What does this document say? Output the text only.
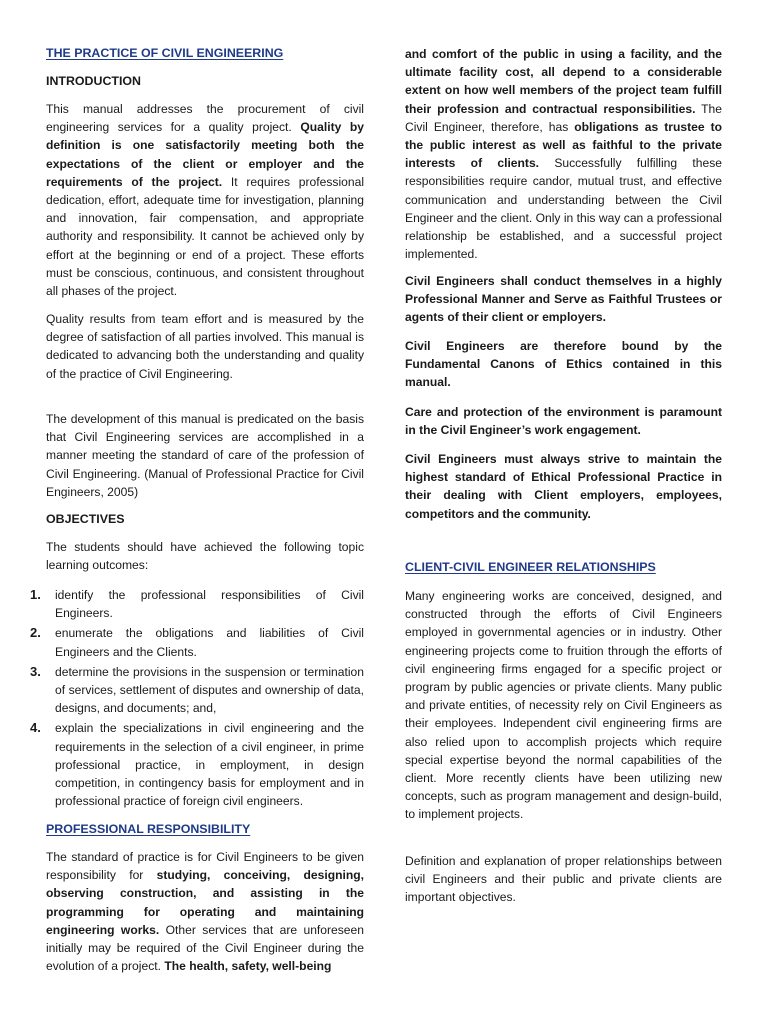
THE PRACTICE OF CIVIL ENGINEERING
INTRODUCTION

This manual addresses the procurement of civil engineering services for a quality project. Quality by definition is one satisfactorily meeting both the expectations of the client or employer and the requirements of the project. It requires professional dedication, effort, adequate time for investigation, planning and innovation, fair compensation, and appropriate authority and responsibility. It cannot be achieved only by effort at the beginning or end of a project. These efforts must be conscious, continuous, and consistent throughout all phases of the project.

Quality results from team effort and is measured by the degree of satisfaction of all parties involved. This manual is dedicated to advancing both the understanding and quality of the practice of Civil Engineering.

The development of this manual is predicated on the basis that Civil Engineering services are accomplished in a manner meeting the standard of care of the profession of Civil Engineering. (Manual of Professional Practice for Civil Engineers, 2005)

OBJECTIVES

The students should have achieved the following topic learning outcomes:

The standard of practice is for Civil Engineers to be given responsibility for studying, conceiving, designing, observing construction, and assisting in the programming for operating and maintaining engineering works. Other services that are unforeseen initially may be required of the Civil Engineer during the evolution of a project. The health, safety, well-being

PROFESSIONAL RESPONSIBILITY
1. identify the professional responsibilities of Civil Engineers.
2. enumerate the obligations and liabilities of Civil Engineers and the Clients.
3. determine the provisions in the suspension or termination of services, settlement of disputes and ownership of data, designs, and documents; and,
4. explain the specializations in civil engineering and the requirements in the selection of a civil engineer, in prime professional practice, in employment, in design competition, in contingency basis for employment and in professional practice of foreign civil engineers.

and comfort of the public in using a facility, and the ultimate facility cost, all depend to a considerable extent on how well members of the project team fulfill their profession and contractual responsibilities. The Civil Engineer, therefore, has obligations as trustee to the public interest as well as faithful to the private interests of clients. Successfully fulfilling these responsibilities require candor, mutual trust, and effective communication and understanding between the Civil Engineer and the client. Only in this way can a professional relationship be established, and a successful project implemented.

Civil Engineers shall conduct themselves in a highly Professional Manner and Serve as Faithful Trustees or agents of their client or employers.

Civil Engineers are therefore bound by the Fundamental Canons of Ethics contained in this manual.

Care and protection of the environment is paramount in the Civil Engineer’s work engagement.

Civil Engineers must always strive to maintain the highest standard of Ethical Professional Practice in their dealing with Client employers, employees, competitors and the community.

CLIENT-CIVIL ENGINEER RELATIONSHIPS

Many engineering works are conceived, designed, and constructed through the efforts of Civil Engineers employed in governmental agencies or in industry. Other engineering projects come to fruition through the efforts of civil engineering firms engaged for a specific project or program by public agencies or private clients. Many public and private entities, of necessity rely on Civil Engineers as their employees. Independent civil engineering firms are also relied upon to accomplish projects which require special expertise beyond the normal capabilities of the client. More recently clients have been utilizing new concepts, such as program management and design-build, to implement projects.

Definition and explanation of proper relationships between civil Engineers and their public and private clients are important objectives.
